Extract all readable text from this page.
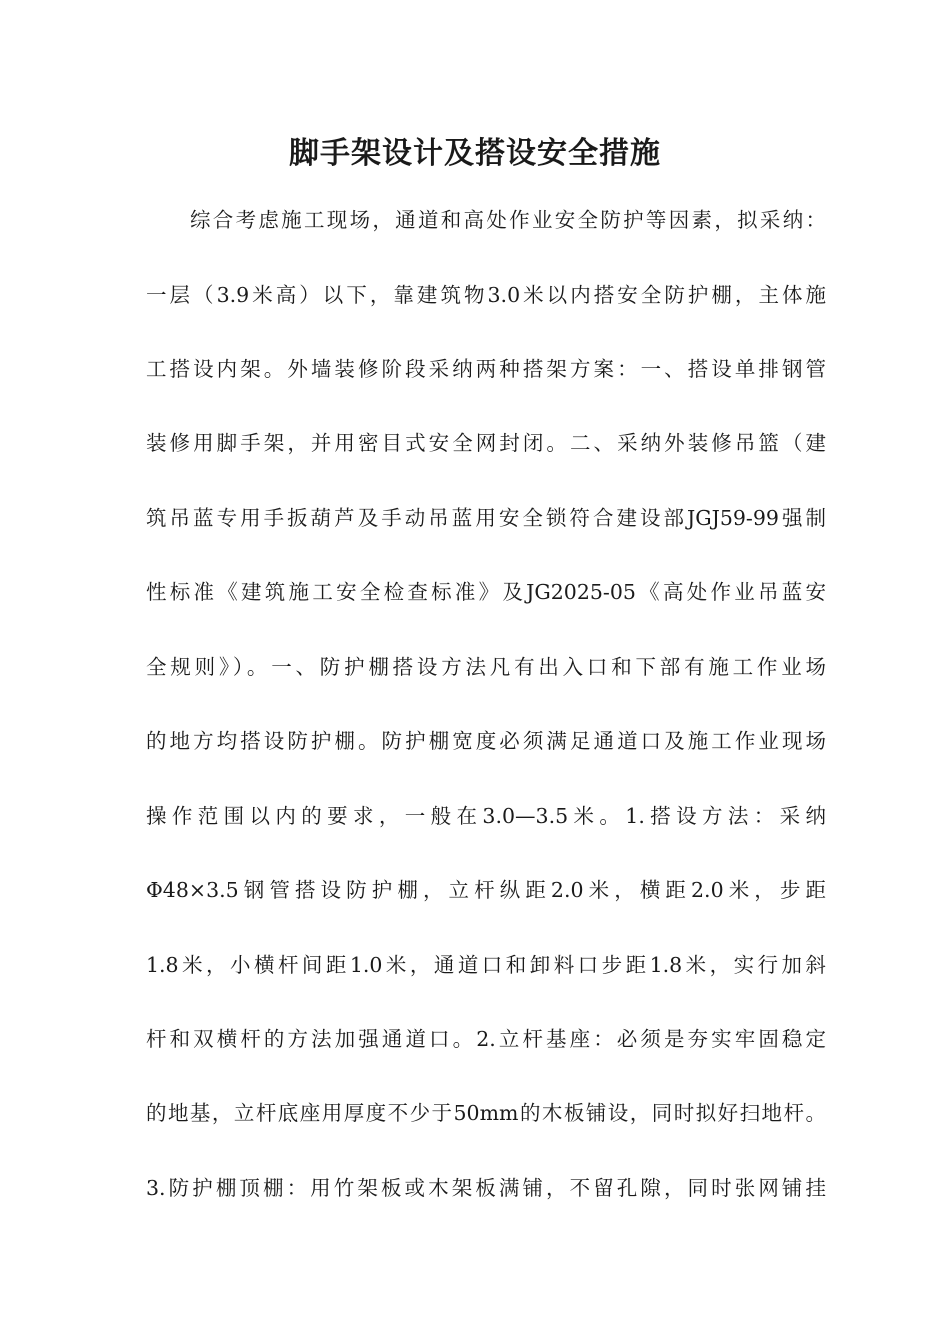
脚手架设计及搭设安全措施
综合考虑施工现场，通道和高处作业安全防护等因素，拟采纳：
一层（3.9米高）以下，靠建筑物3.0米以内搭安全防护棚，主体施
工搭设内架。外墙装修阶段采纳两种搭架方案：一、搭设单排钢管
装修用脚手架，并用密目式安全网封闭。二、采纳外装修吊篮（建
筑吊蓝专用手扳葫芦及手动吊蓝用安全锁符合建设部JGJ59-99强制
性标准《建筑施工安全检查标准》及JG2025-05《高处作业吊蓝安
全规则》）。一、防护棚搭设方法凡有出入口和下部有施工作业场
的地方均搭设防护棚。防护棚宽度必须满足通道口及施工作业现场
操作范围以内的要求，一般在3.0—3.5米。1.搭设方法：采纳
Φ48×3.5钢管搭设防护棚，立杆纵距2.0米，横距2.0米，步距
1.8米，小横杆间距1.0米，通道口和卸料口步距1.8米，实行加斜
杆和双横杆的方法加强通道口。2.立杆基座：必须是夯实牢固稳定
的地基，立杆底座用厚度不少于50mm的木板铺设，同时拟好扫地杆。
3.防护棚顶棚：用竹架板或木架板满铺，不留孔隙，同时张网铺挂
